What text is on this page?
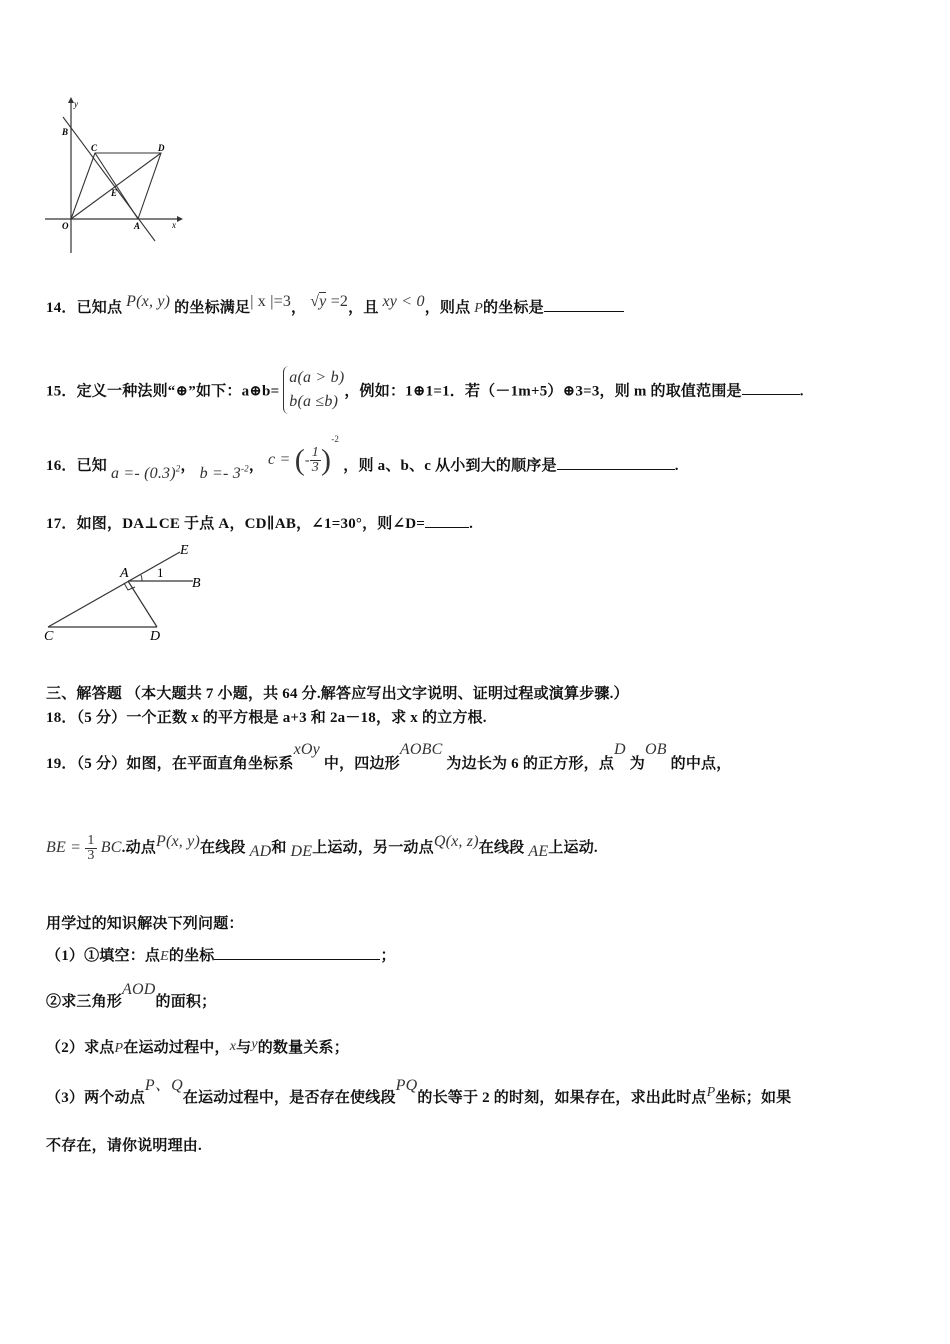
y
B
C	D
E
O	A	x
14．已知点 P(x, y) 的坐标满足| x |=3， √y =2，且 xy < 0，则点 P的坐标是
15．定义一种法则“⊕”如下：a⊕b=
a(a > b)
b(a ≤b)
，例如：1⊕1=1．若（－1m+5）⊕3=3，则 m 的取值范围是	.
16．已知 $a =- (0.3)^2$， $b =- 3^{-2}$， c = (- $\frac{1}{3} )^{-2}$ ，则 a、b、c 从小到大的顺序是	.
17．如图，DA⊥CE 于点 A，CD∥AB，∠1=30°，则∠D=	.
E
A 1
B
C	D
三、解答题 （本大题共 7 小题，共 64 分.解答应写出文字说明、证明过程或演算步骤.）
18．（5 分）一个正数 x 的平方根是 a+3 和 2a－18，求 x 的立方根.
19．（5 分）如图，在平面直角坐标系xOy 中，四边形AOBC 为边长为 6 的正方形，点D 为OB 的中点，
BE = $\frac{1}{3}$ BC.动点P(x, y)在线段 AD和 DE上运动，另一动点Q(x, z)在线段 AE上运动.
用学过的知识解决下列问题：
（1）①填空：点E的坐标	；
②求三角形AOD的面积；
（2）求点P在运动过程中，x与y的数量关系；
（3）两个动点P、Q在运动过程中，是否存在使线段PQ的长等于 2 的时刻，如果存在，求出此时点P坐标；如果
不存在，请你说明理由.
